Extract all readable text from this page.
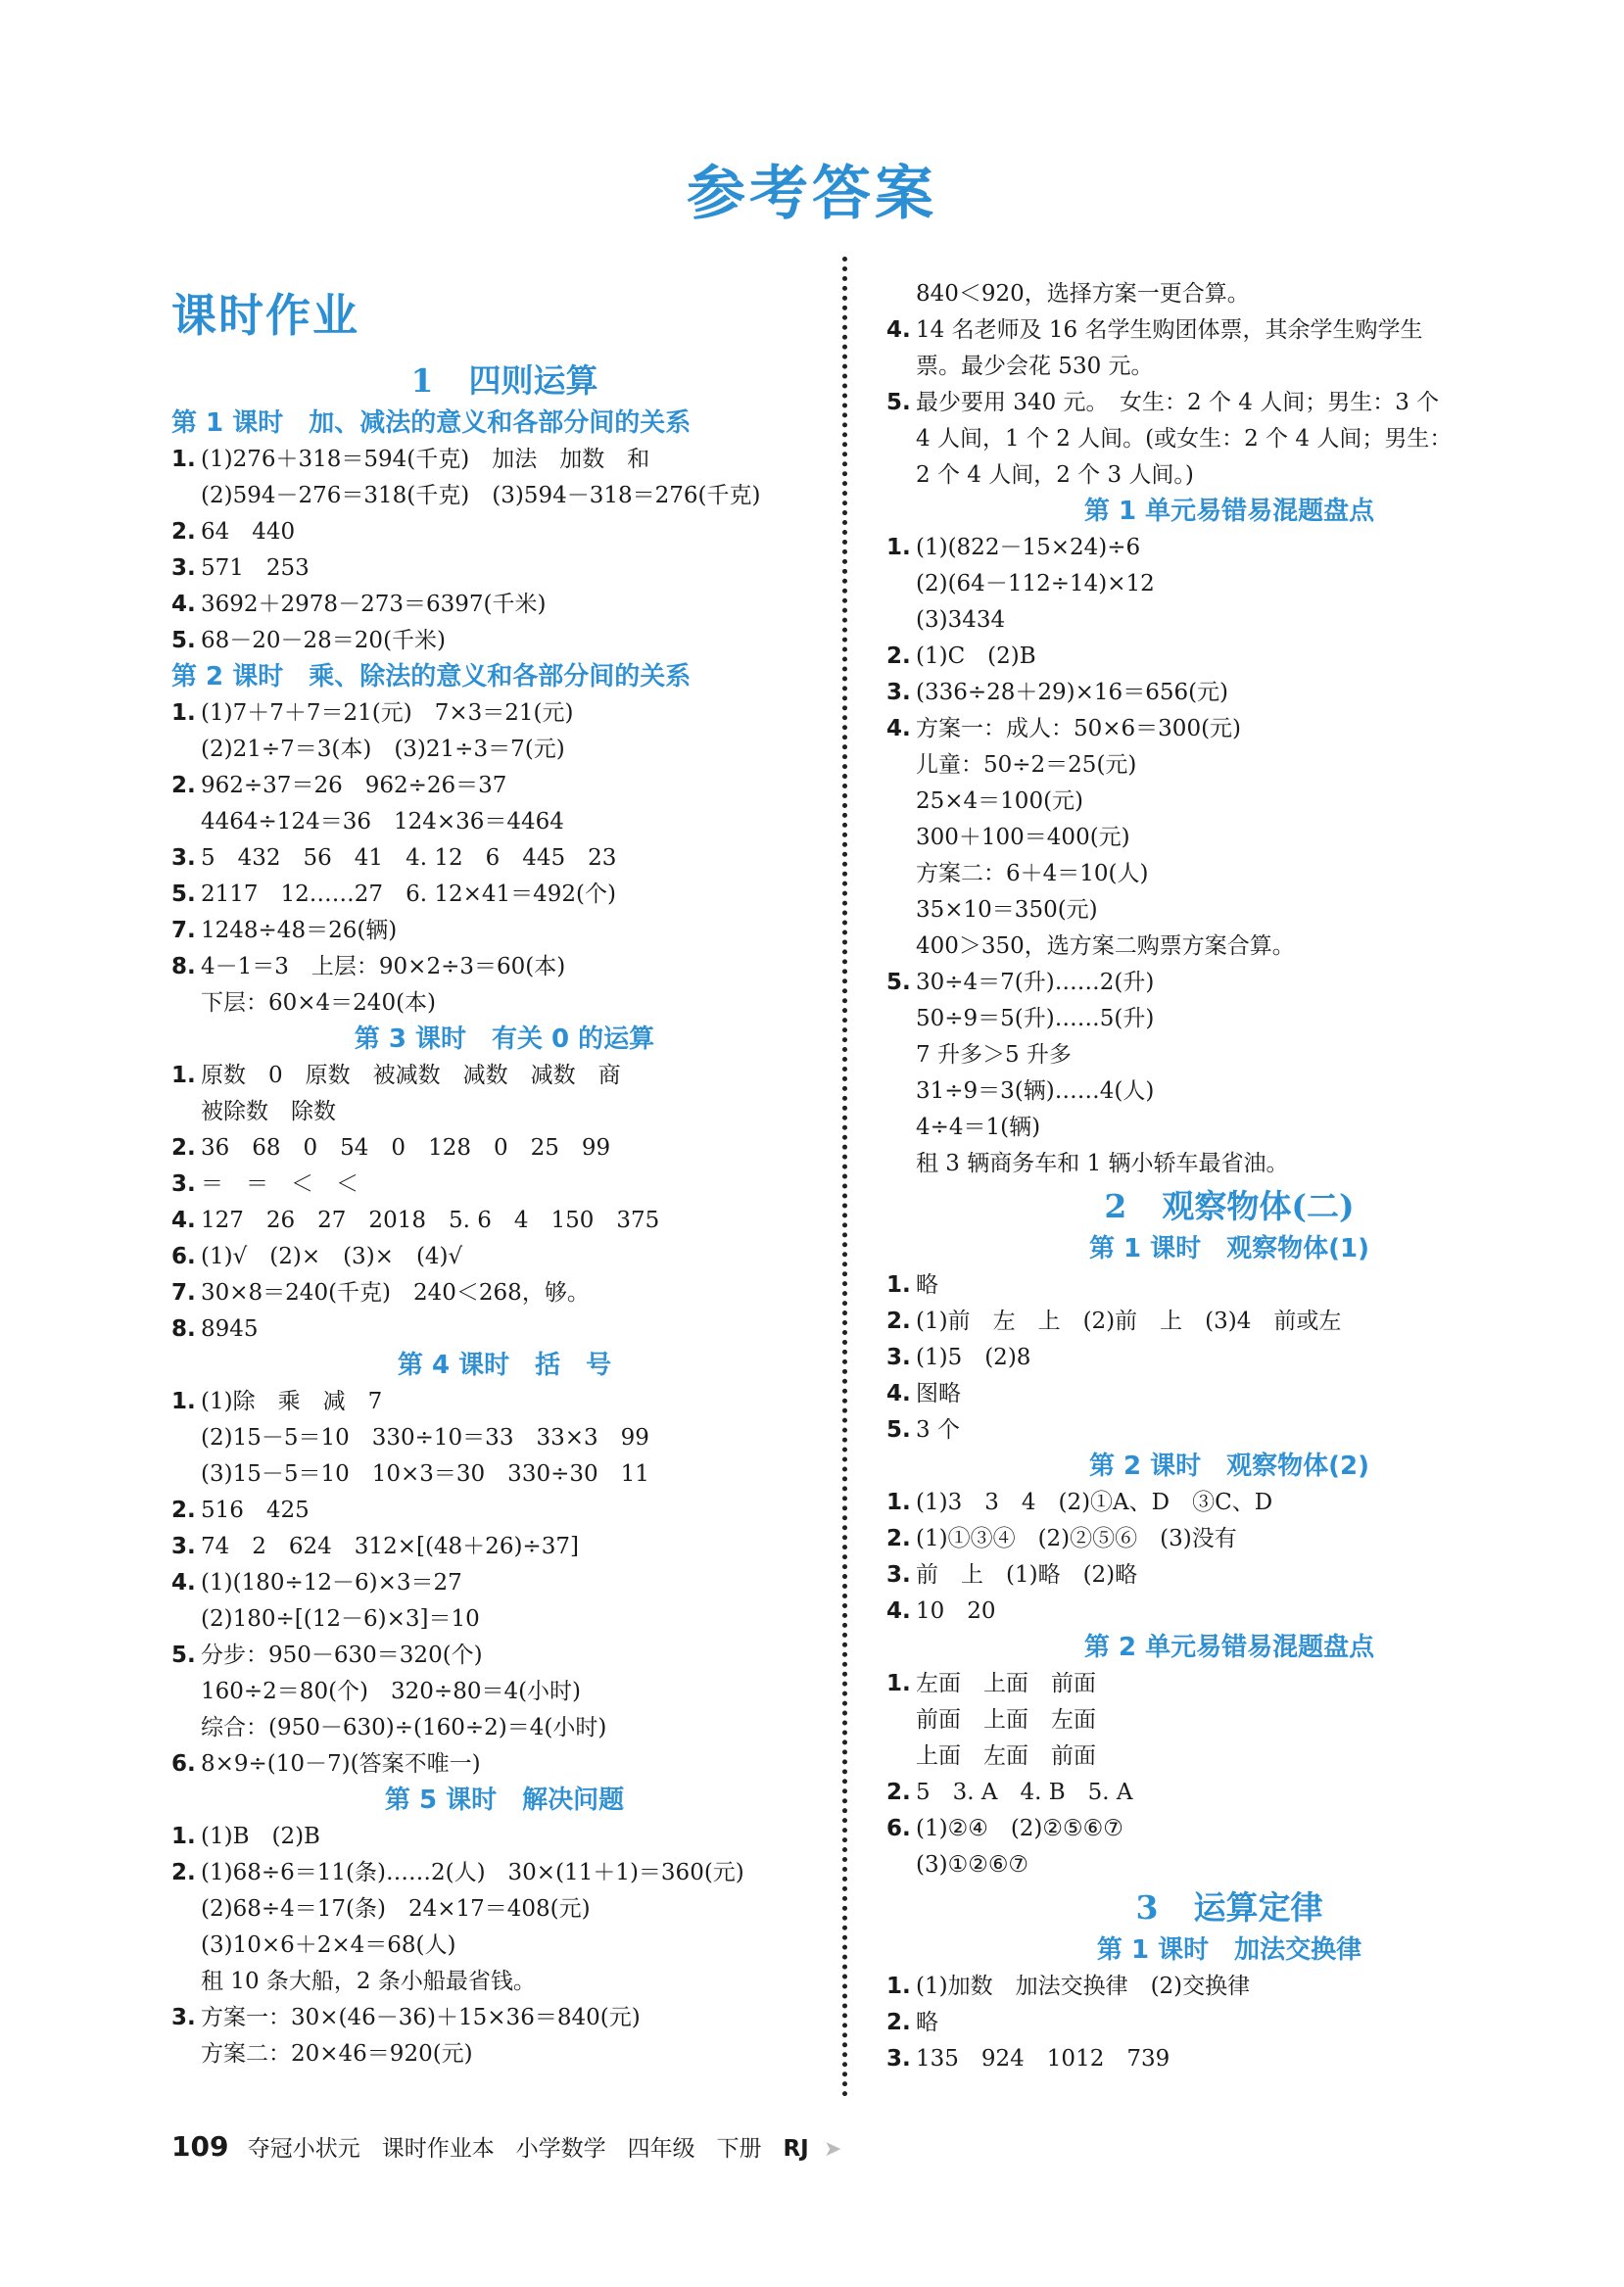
参考答案
课时作业
1 四则运算
第 1 课时　加、减法的意义和各部分间的关系
1. (1)276＋318＝594(千克)　加法　加数　和
(2)594－276＝318(千克)　(3)594－318＝276(千克)
2. 64　440
3. 571　253
4. 3692＋2978－273＝6397(千米)
5. 68－20－28＝20(千米)
第 2 课时　乘、除法的意义和各部分间的关系
1. (1)7＋7＋7＝21(元)　7×3＝21(元)
(2)21÷7＝3(本)　(3)21÷3＝7(元)
2. 962÷37＝26　962÷26＝37
4464÷124＝36　124×36＝4464
3. 5　432　56　41　4. 12　6　445　23
5. 2117　12……27　6. 12×41＝492(个)
7. 1248÷48＝26(辆)
8. 4－1＝3　上层：90×2÷3＝60(本)
下层：60×4＝240(本)
第 3 课时　有关 0 的运算
1. 原数　0　原数　被减数　减数　减数　商
被除数　除数
2. 36　68　0　54　0　128　0　25　99
3. ＝　＝　＜　＜
4. 127　26　27　2018　5. 6　4　150　375
6. (1)√　(2)×　(3)×　(4)√
7. 30×8＝240(千克)　240＜268，够。
8. 8945
第 4 课时　括　号
1. (1)除　乘　减　7
(2)15－5＝10　330÷10＝33　33×3　99
(3)15－5＝10　10×3＝30　330÷30　11
2. 516　425
3. 74　2　624　312×[(48＋26)÷37]
4. (1)(180÷12－6)×3＝27
(2)180÷[(12－6)×3]＝10
5. 分步：950－630＝320(个)
160÷2＝80(个)　320÷80＝4(小时)
综合：(950－630)÷(160÷2)＝4(小时)
6. 8×9÷(10－7)(答案不唯一)
第 5 课时　解决问题
1. (1)B　(2)B
2. (1)68÷6＝11(条)……2(人)　30×(11＋1)＝360(元)
(2)68÷4＝17(条)　24×17＝408(元)
(3)10×6＋2×4＝68(人)
租 10 条大船，2 条小船最省钱。
3. 方案一：30×(46－36)＋15×36＝840(元)
方案二：20×46＝920(元)
840＜920，选择方案一更合算。
4. 14 名老师及 16 名学生购团体票，其余学生购学生
票。最少会花 530 元。
5. 最少要用 340 元。　女生：2 个 4 人间；男生：3 个
4 人间，1 个 2 人间。(或女生：2 个 4 人间；男生：
2 个 4 人间，2 个 3 人间。)
第 1 单元易错易混题盘点
1. (1)(822－15×24)÷6
(2)(64－112÷14)×12
(3)3434
2. (1)C　(2)B
3. (336÷28＋29)×16＝656(元)
4. 方案一：成人：50×6＝300(元)
儿童：50÷2＝25(元)
25×4＝100(元)
300＋100＝400(元)
方案二：6＋4＝10(人)
35×10＝350(元)
400＞350，选方案二购票方案合算。
5. 30÷4＝7(升)……2(升)
50÷9＝5(升)……5(升)
7 升多＞5 升多
31÷9＝3(辆)……4(人)
4÷4＝1(辆)
租 3 辆商务车和 1 辆小轿车最省油。
2 观察物体(二)
第 1 课时　观察物体(1)
1. 略
2. (1)前　左　上　(2)前　上　(3)4　前或左
3. (1)5　(2)8
4. 图略
5. 3 个
第 2 课时　观察物体(2)
1. (1)3　3　4　(2)①A、D　③C、D
2. (1)①③④　(2)②⑤⑥　(3)没有
3. 前　上　(1)略　(2)略
4. 10　20
第 2 单元易错易混题盘点
1. 左面　上面　前面
前面　上面　左面
上面　左面　前面
2. 5　3. A　4. B　5. A
6. (1)②④　(2)②⑤⑥⑦
(3)①②⑥⑦
3 运算定律
第 1 课时　加法交换律
1. (1)加数　加法交换律　(2)交换律
2. 略
3. 135　924　1012　739
109 夺冠小状元 课时作业本 小学数学 四年级 下册 RJ ➤
